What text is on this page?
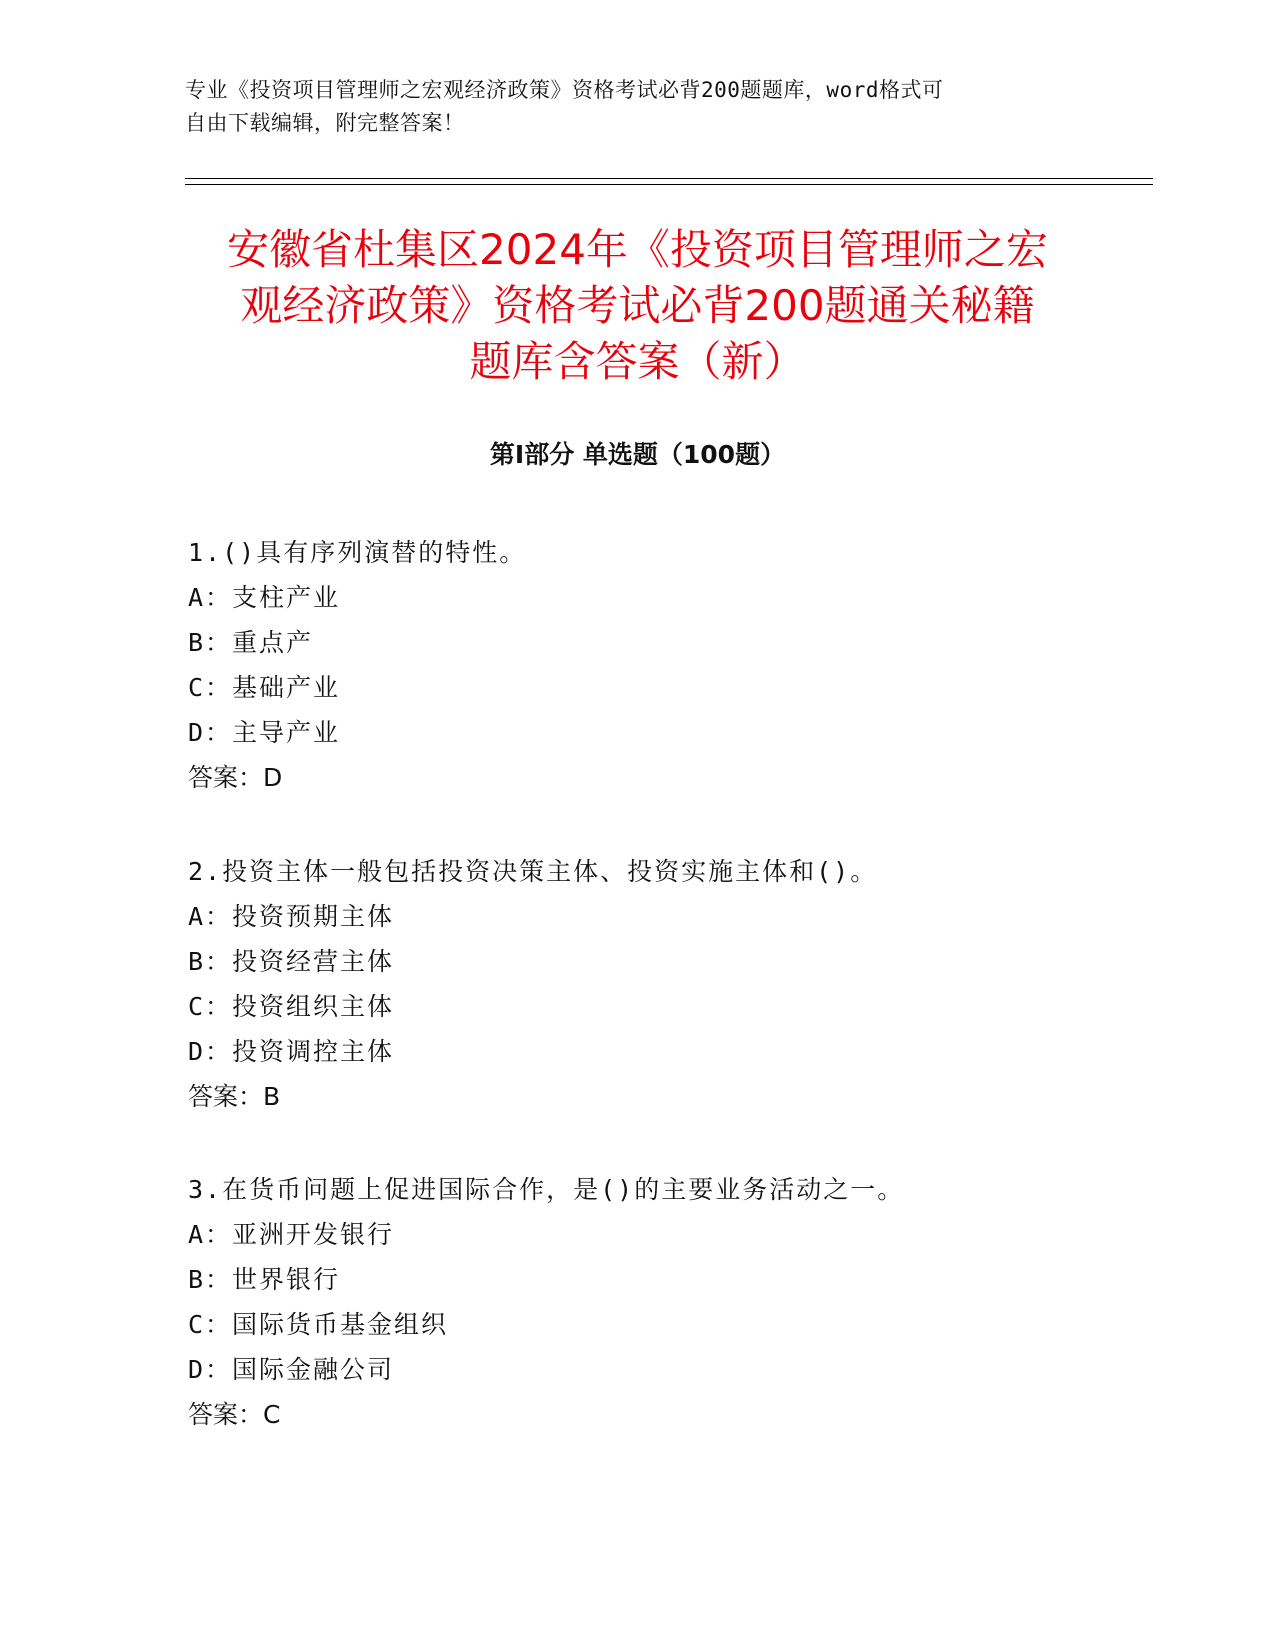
专业《投资项目管理师之宏观经济政策》资格考试必背200题题库，word格式可
自由下载编辑，附完整答案！
安徽省杜集区2024年《投资项目管理师之宏
观经济政策》资格考试必背200题通关秘籍
题库含答案（新）
第I部分 单选题（100题）
1.()具有序列演替的特性。
A：支柱产业
B：重点产
C：基础产业
D：主导产业
答案：D
2.投资主体一般包括投资决策主体、投资实施主体和()。
A：投资预期主体
B：投资经营主体
C：投资组织主体
D：投资调控主体
答案：B
3.在货币问题上促进国际合作，是()的主要业务活动之一。
A：亚洲开发银行
B：世界银行
C：国际货币基金组织
D：国际金融公司
答案：C
